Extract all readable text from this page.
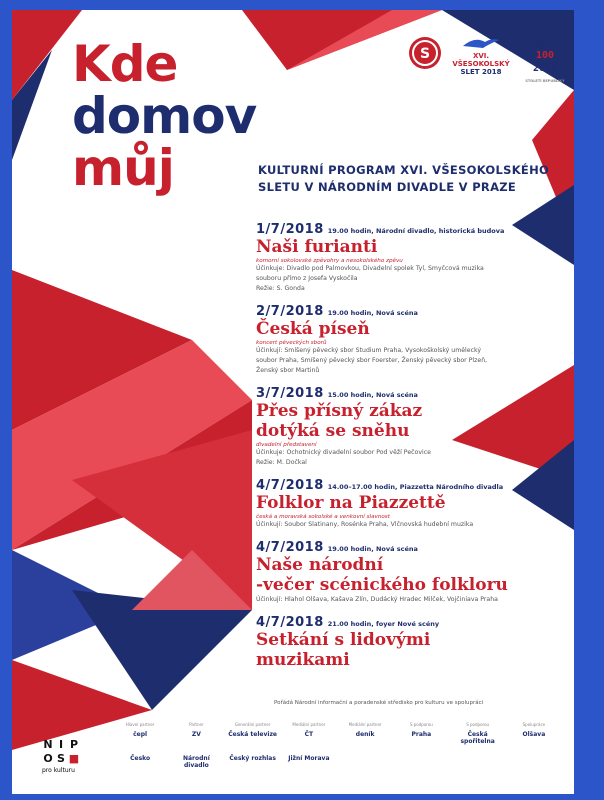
Kde
domov
můj
S	XVI.
VŠESOKOLSKÝ
SLET 2018
1918
100
2018
STOLETÍ REPUBLIKY
KULTURNÍ PROGRAM XVI. VŠESOKOLSKÉHO
SLETU V NÁRODNÍM DIVADLE V PRAZE
1/7/2018 19.00 hodin, Národní divadlo, historická budova
Naši furianti
komorní sokolovské zpěvohry a nesokolského zpěvu
Účinkuje: Divadlo pod Palmovkou, Divadelní spolek Tyl, Smyčcová muzika
souboru přímo z Josefa Vyskočila
Režie: S. Gonda
2/7/2018 19.00 hodin, Nová scéna
Česká píseň
koncert pěveckých sborů
Účinkují: Smíšený pěvecký sbor Studium Praha, Vysokoškolský umělecký
soubor Praha, Smíšený pěvecký sbor Foerster, Ženský pěvecký sbor Plzeň,
Ženský sbor Martinů
3/7/2018 15.00 hodin, Nová scéna
Přes přísný zákaz
dotýká se sněhu
divadelní představení
Účinkuje: Ochotnický divadelní soubor Pod věží Pečovice
Režie: M. Dočkal
4/7/2018 14.00–17.00 hodin, Piazzetta Národního divadla
Folklor na Piazzettě
česká a moravská sokolské a venkovní slavnost
Účinkují: Soubor Slatinany, Rosénka Praha, Vlčnovská hudební muzika
4/7/2018 19.00 hodin, Nová scéna
Naše národní
-večer scénického folkloru
Účinkují: Hlahol Olšava, Kašava Zlín, Dudácký Hradec Milček, Vojčiniava Praha
4/7/2018 21.00 hodin, foyer Nové scény
Setkání s lidovými
muzikami
Pořádá Národní informační a poradenské středisko pro kulturu ve spolupráci
N I P
O S ■
pro kulturu
Hlavní partner
čepl
Partner
ZV
Generální partner
Česká televize
Mediální partner
ČT
Mediální partner
deník
S podporou
Praha
S podporou
Česká spořitelna
Spolupráce
Olšava
Česko	Národní divadlo
Český rozhlas	Jižní Morava
